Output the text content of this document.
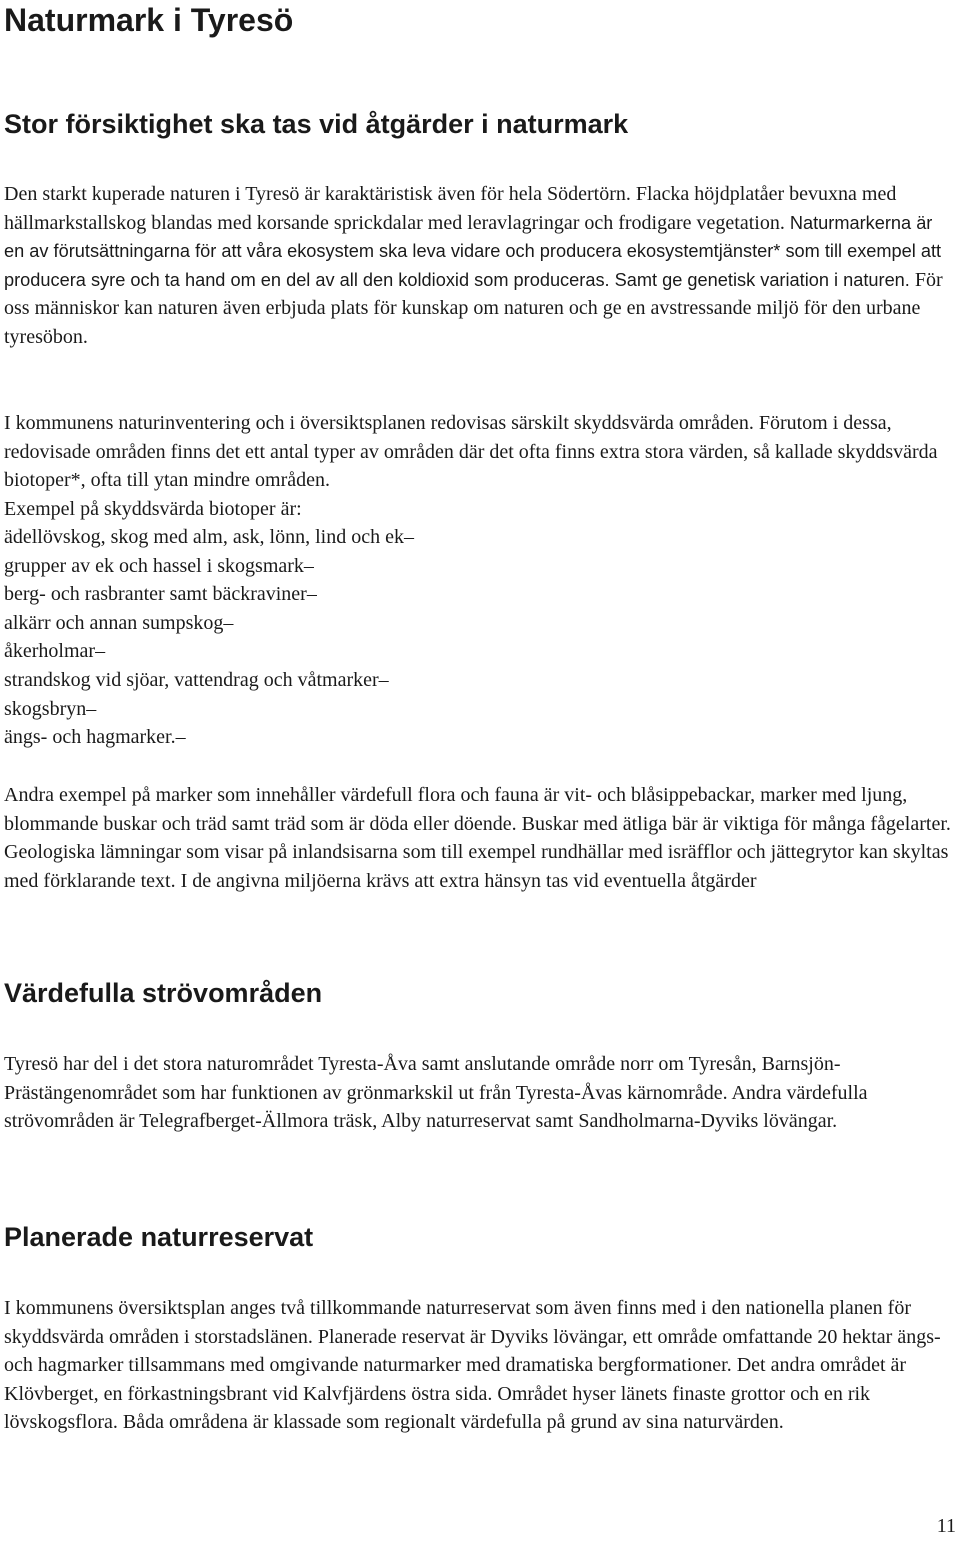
Naturmark i Tyresö
Stor försiktighet ska tas vid åtgärder i naturmark

Den starkt kuperade naturen i Tyresö är karaktäristisk även för hela Södertörn. Flacka höjdplatåer bevuxna med hällmarkstallskog blandas med korsande sprickdalar med leravlagringar och frodigare vegetation. Naturmarkerna är en av förutsättningarna för att våra ekosystem ska leva vidare och producera ekosystemtjänster* som till exempel att producera syre och ta hand om en del av all den koldioxid som produceras. Samt ge genetisk variation i naturen. För oss människor kan naturen även erbjuda plats för kunskap om naturen och ge en avstressande miljö för den urbane tyresöbon.

I kommunens naturinventering och i översiktsplanen redovisas särskilt skyddsvärda områden. Förutom i dessa, redovisade områden finns det ett antal typer av områden där det ofta finns extra stora värden, så kallade skyddsvärda biotoper*, ofta till ytan mindre områden.

Exempel på skyddsvärda biotoper är:

ädellövskog, skog med alm, ask, lönn, lind och ek –
grupper av ek och hassel i skogsmark –
berg- och rasbranter samt bäckraviner –
alkärr och annan sumpskog –
åkerholmar –
strandskog vid sjöar, vattendrag och våtmarker –
skogsbryn –
ängs- och hagmarker. –

Andra exempel på marker som innehåller värdefull flora och fauna är vit- och blåsippebackar, marker med ljung, blommande buskar och träd samt träd som är döda eller döende. Buskar med ätliga bär är viktiga för många fågelarter. Geologiska lämningar som visar på inlandsisarna som till exempel rundhällar med isräfflor och jättegrytor kan skyltas med förklarande text. I de angivna miljöerna krävs att extra hänsyn tas vid eventuella åtgärder

Värdefulla strövområden

Tyresö har del i det stora naturområdet Tyresta-Åva samt anslutande område norr om Tyresån, Barnsjön-Prästängenområdet som har funktionen av grönmarkskil ut från Tyresta-Åvas kärnområde. Andra värdefulla strövområden är Telegrafberget-Ällmora träsk, Alby naturreservat samt Sandholmarna-Dyviks lövängar.

Planerade naturreservat

I kommunens översiktsplan anges två tillkommande naturreservat som även finns med i den nationella planen för skyddsvärda områden i storstadslänen. Planerade reservat är Dyviks lövängar, ett område omfattande 20 hektar ängs- och hagmarker tillsammans med omgivande naturmarker med dramatiska bergformationer. Det andra området är Klövberget, en förkastningsbrant vid Kalvfjärdens östra sida. Området hyser länets finaste grottor och en rik lövskogsflora. Båda områdena är klassade som regionalt värdefulla på grund av sina naturvärden.

11
